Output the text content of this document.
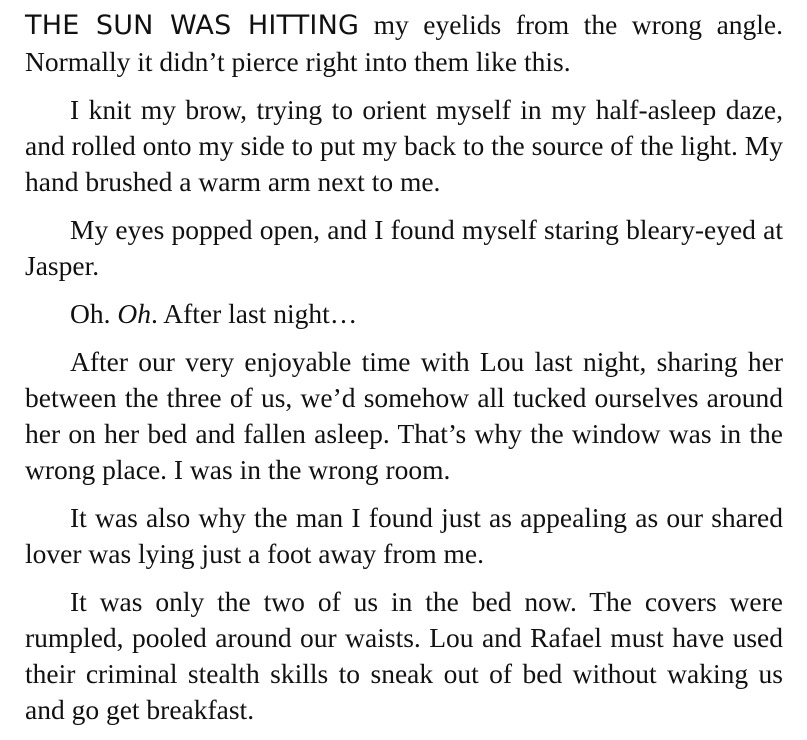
THE SUN WAS HITTING my eyelids from the wrong angle. Normally it didn’t pierce right into them like this.

I knit my brow, trying to orient myself in my half-asleep daze, and rolled onto my side to put my back to the source of the light. My hand brushed a warm arm next to me.

My eyes popped open, and I found myself staring bleary-eyed at Jasper.

Oh. Oh. After last night…

After our very enjoyable time with Lou last night, sharing her between the three of us, we’d somehow all tucked ourselves around her on her bed and fallen asleep. That’s why the window was in the wrong place. I was in the wrong room.

It was also why the man I found just as appealing as our shared lover was lying just a foot away from me.

It was only the two of us in the bed now. The covers were rumpled, pooled around our waists. Lou and Rafael must have used their criminal stealth skills to sneak out of bed without waking us and go get breakfast.
